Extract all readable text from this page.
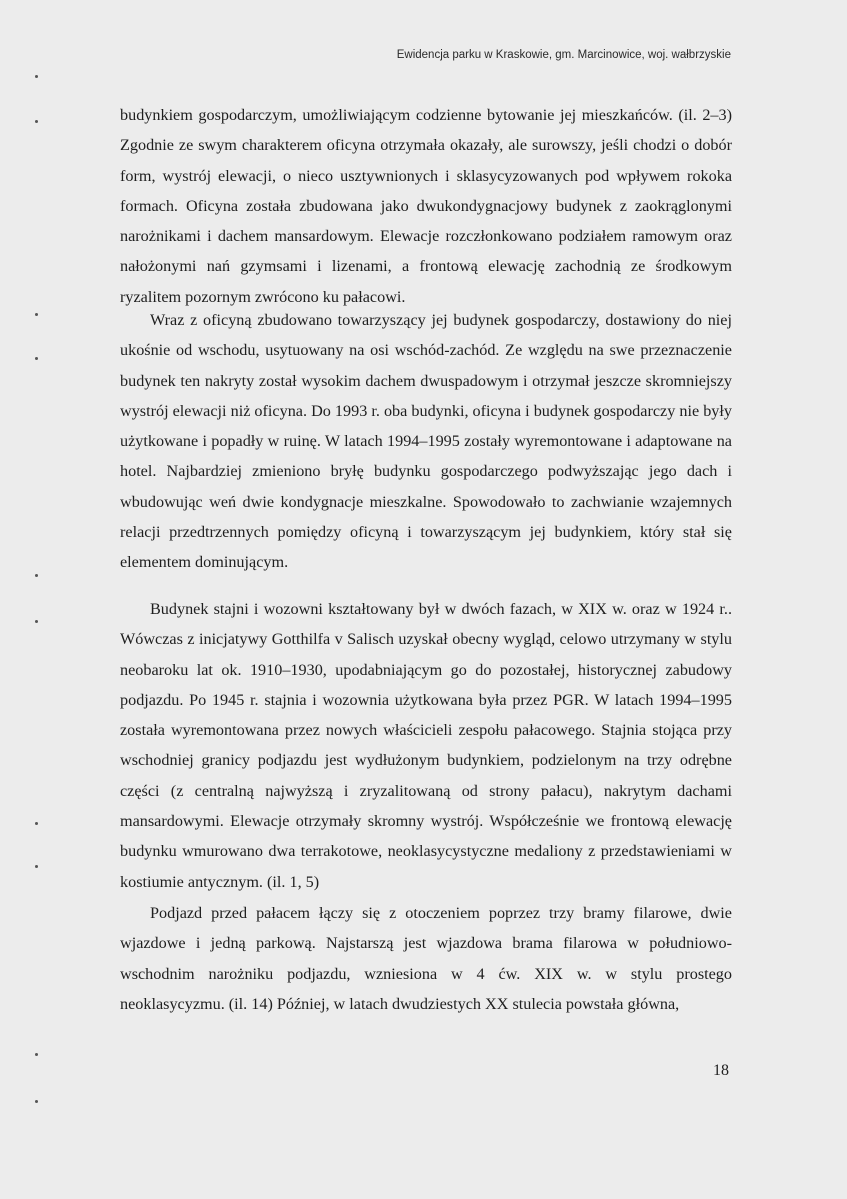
Ewidencja parku w Kraskowie, gm. Marcinowice, woj. wałbrzyskie

budynkiem gospodarczym, umożliwiającym codzienne bytowanie jej mieszkańców. (il. 2–3) Zgodnie ze swym charakterem oficyna otrzymała okazały, ale surowszy, jeśli chodzi o dobór form, wystrój elewacji, o nieco usztywnionych i sklasycyzowanych pod wpływem rokoka formach. Oficyna została zbudowana jako dwukondygnacjowy budynek z zaokrąglonymi narożnikami i dachem mansardowym. Elewacje rozczłonkowano podziałem ramowym oraz nałożonymi nań gzymsami i lizenami, a frontową elewację zachodnią ze środkowym ryzalitem pozornym zwrócono ku pałacowi.

Wraz z oficyną zbudowano towarzyszący jej budynek gospodarczy, dostawiony do niej ukośnie od wschodu, usytuowany na osi wschód-zachód. Ze względu na swe przeznaczenie budynek ten nakryty został wysokim dachem dwuspadowym i otrzymał jeszcze skromniejszy wystrój elewacji niż oficyna. Do 1993 r. oba budynki, oficyna i budynek gospodarczy nie były użytkowane i popadły w ruinę. W latach 1994–1995 zostały wyremontowane i adaptowane na hotel. Najbardziej zmieniono bryłę budynku gospodarczego podwyższając jego dach i wbudowując weń dwie kondygnacje mieszkalne. Spowodowało to zachwianie wzajemnych relacji przedtrzennych pomiędzy oficyną i towarzyszącym jej budynkiem, który stał się elementem dominującym.

Budynek stajni i wozowni kształtowany był w dwóch fazach, w XIX w. oraz w 1924 r.. Wówczas z inicjatywy Gotthilfa v Salisch uzyskał obecny wygląd, celowo utrzymany w stylu neobaroku lat ok. 1910–1930, upodabniającym go do pozostałej, historycznej zabudowy podjazdu. Po 1945 r. stajnia i wozownia użytkowana była przez PGR. W latach 1994–1995 została wyremontowana przez nowych właścicieli zespołu pałacowego. Stajnia stojąca przy wschodniej granicy podjazdu jest wydłużonym budynkiem, podzielonym na trzy odrębne części (z centralną najwyższą i zryzalitowaną od strony pałacu), nakrytym dachami mansardowymi. Elewacje otrzymały skromny wystrój. Współcześnie we frontową elewację budynku wmurowano dwa terrakotowe, neoklasycystyczne medaliony z przedstawieniami w kostiumie antycznym. (il. 1, 5)

Podjazd przed pałacem łączy się z otoczeniem poprzez trzy bramy filarowe, dwie wjazdowe i jedną parkową. Najstarszą jest wjazdowa brama filarowa w południowo-wschodnim narożniku podjazdu, wzniesiona w 4 ćw. XIX w. w stylu prostego neoklasycyzmu. (il. 14) Później, w latach dwudziestych XX stulecia powstała główna,

18
